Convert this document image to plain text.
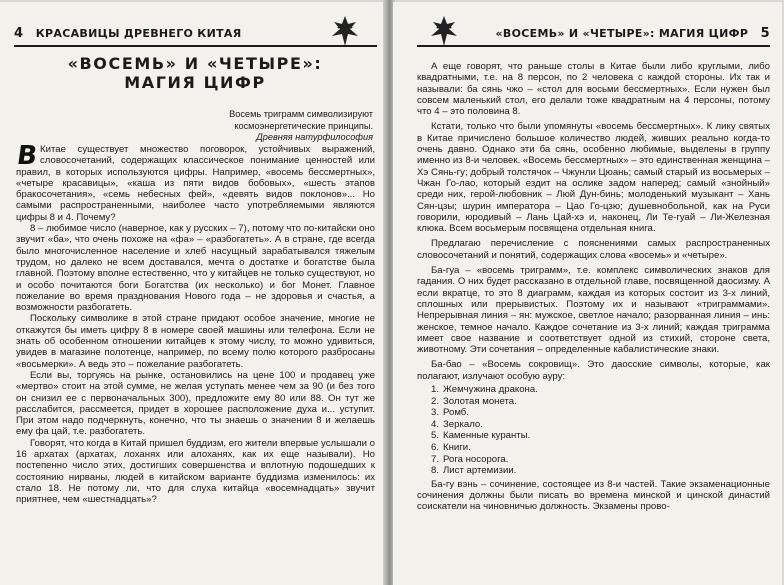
4 КРАСАВИЦЫ ДРЕВНЕГО КИТАЯ
«ВОСЕМЬ» И «ЧЕТЫРЕ»: МАГИЯ ЦИФР
Восемь триграмм символизируют космоэнергетические принципы.
Древняя натурфилософия
В Китае существует множество поговорок, устойчивых выражений, словосочетаний, содержащих классическое понимание ценностей или правил, в которых используются цифры. Например, «восемь бессмертных», «четыре красавицы», «каша из пяти видов бобовых», «шесть этапов бракосочетания», «семь небесных фей», «девять видов поклонов»... Но самыми распространенными, наиболее часто употребляемыми являются цифры 8 и 4. Почему?

8 – любимое число (наверное, как у русских – 7), потому что по-китайски оно звучит «ба», что очень похоже на «фа» – «разбогатеть». А в стране, где всегда было многочисленное население и хлеб насущный зарабатывался тяжелым трудом, но далеко не всем доставался, мечта о достатке и богатстве была главной. Поэтому вполне естественно, что у китайцев не только существуют, но и особо почитаются боги Богатства (их несколько) и бог Монет. Главное пожелание во время празднования Нового года – не здоровья и счастья, а возможности разбогатеть.

Поскольку символике в этой стране придают особое значение, многие не откажутся бы иметь цифру 8 в номере своей машины или телефона. Если не знать об особенном отношении китайцев к этому числу, то можно удивиться, увидев в магазине полотенце, например, по всему полю которого разбросаны «восьмерки». А ведь это – пожелание разбогатеть.

Если вы, торгуясь на рынке, остановились на цене 100 и продавец уже «мертво» стоит на этой сумме, не желая уступать менее чем за 90 (и без того он снизил ее с первоначальных 300), предложите ему 80 или 88. Он тут же расслабится, рассмеется, придет в хорошее расположение духа и... уступит. При этом надо подчеркнуть, конечно, что ты знаешь о значении 8 и желаешь ему фа цай, т.е. разбогатеть.

Говорят, что когда в Китай пришел буддизм, его жители впервые услышали о 16 архатах (архатах, лоханях или алоханях, как их еще называли). Но постепенно число этих, достигших совершенства и вплотную подошедших к состоянию нирваны, людей в китайском варианте буддизма изменилось: их стало 18. Не потому ли, что для слуха китайца «восемнадцать» звучит приятнее, чем «шестнадцать»?

«ВОСЕМЬ» И «ЧЕТЫРЕ»: МАГИЯ ЦИФР 5

А еще говорят, что раньше столы в Китае были либо круглыми, либо квадратными, т.е. на 8 персон, по 2 человека с каждой стороны. Их так и называли: ба сянь чжо – «стол для восьми бессмертных». Если нужен был совсем маленький стол, его делали тоже квадратным на 4 персоны, потому что 4 – это половина 8.

Кстати, только что были упомянуты «восемь бессмертных». К лику святых в Китае причислено большое количество людей, живших реально когда-то очень давно. Однако эти ба сянь, особенно любимые, выделены в группу именно из 8-и человек. «Восемь бессмертных» – это единственная женщина – Хэ Сянь-гу; добрый толстячок – Чжунли Цюань; самый старый из восьмерых – Чжан Го-лао, который ездит на ослике задом наперед; самый «знойный» среди них, герой-любовник – Люй Дун-бинь; молоденький музыкант – Хань Сян-цзы; шурин императора – Цао Го-цзю; душевнобольной, как на Руси говорили, юродивый – Лань Цай-хэ и, наконец, Ли Те-гуай – Ли-Железная клюка. Всем восьмерым посвящена отдельная книга.

Предлагаю перечисление с пояснениями самых распространенных словосочетаний и понятий, содержащих слова «восемь» и «четыре».

Ба-гуа – «восемь триграмм», т.е. комплекс символических знаков для гадания. О них будет рассказано в отдельной главе, посвященной даосизму. А если вкратце, то это 8 диаграмм, каждая из которых состоит из 3-х линий, сплошных или прерывистых. Поэтому их и называют «триграммами». Непрерывная линия – ян: мужское, светлое начало; разорванная линия – инь: женское, темное начало. Каждое сочетание из 3-х линий; каждая триграмма имеет свое название и соответствует одной из стихий, стороне света, животному. Эти сочетания – определенные кабалистические знаки.

Ба-бао – «Восемь сокровищ». Это даосские символы, которые, как полагают, излучают особую ауру:

1. Жемчужина дракона.
2. Золотая монета.
3. Ромб.
4. Зеркало.
5. Каменные куранты.
6. Книги.
7. Рога носорога.
8. Лист артемизии.

Ба-гу вэнь – сочинение, состоящее из 8-и частей. Такие экзаменационные сочинения должны были писать во времена минской и цинской династий соискатели на чиновничью должность. Экзамены прово-
